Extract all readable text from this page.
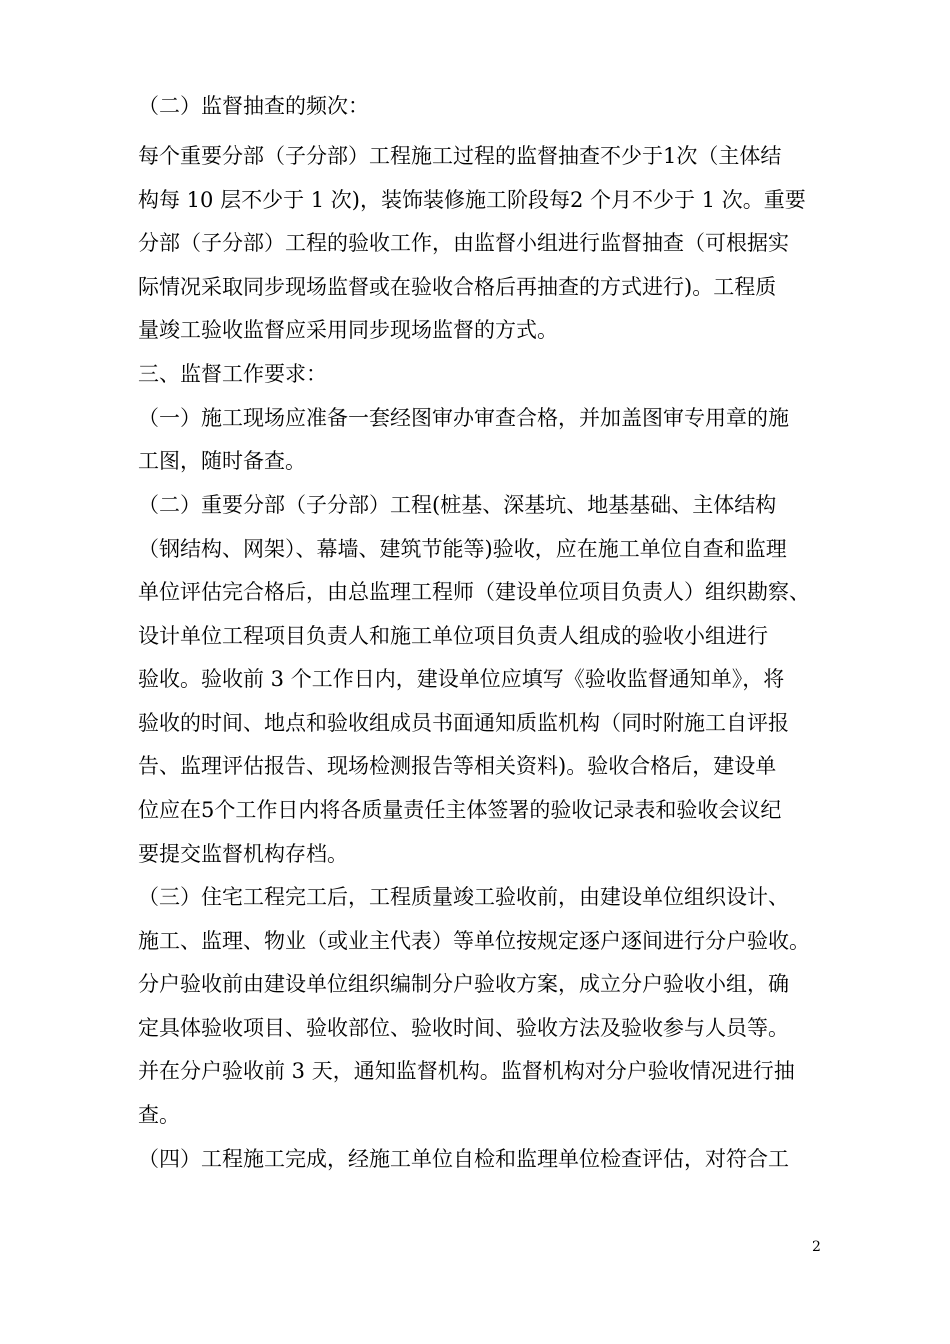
（二）监督抽查的频次：
每个重要分部（子分部）工程施工过程的监督抽查不少于1次（主体结
构每 10 层不少于 1 次)，装饰装修施工阶段每2 个月不少于 1 次。重要
分部（子分部）工程的验收工作，由监督小组进行监督抽查（可根据实
际情况采取同步现场监督或在验收合格后再抽查的方式进行)。工程质
量竣工验收监督应采用同步现场监督的方式。
三、监督工作要求：
（一）施工现场应准备一套经图审办审查合格，并加盖图审专用章的施
工图，随时备查。
（二）重要分部（子分部）工程(桩基、深基坑、地基基础、主体结构
（钢结构、网架）、幕墙、建筑节能等)验收，应在施工单位自查和监理
单位评估完合格后，由总监理工程师（建设单位项目负责人）组织勘察、
设计单位工程项目负责人和施工单位项目负责人组成的验收小组进行
验收。验收前 3 个工作日内，建设单位应填写《验收监督通知单》，将
验收的时间、地点和验收组成员书面通知质监机构（同时附施工自评报
告、监理评估报告、现场检测报告等相关资料)。验收合格后，建设单
位应在5个工作日内将各质量责任主体签署的验收记录表和验收会议纪
要提交监督机构存档。
（三）住宅工程完工后，工程质量竣工验收前，由建设单位组织设计、
施工、监理、物业（或业主代表）等单位按规定逐户逐间进行分户验收。
分户验收前由建设单位组织编制分户验收方案，成立分户验收小组，确
定具体验收项目、验收部位、验收时间、验收方法及验收参与人员等。
并在分户验收前 3 天，通知监督机构。监督机构对分户验收情况进行抽
查。
（四）工程施工完成，经施工单位自检和监理单位检查评估，对符合工
2
